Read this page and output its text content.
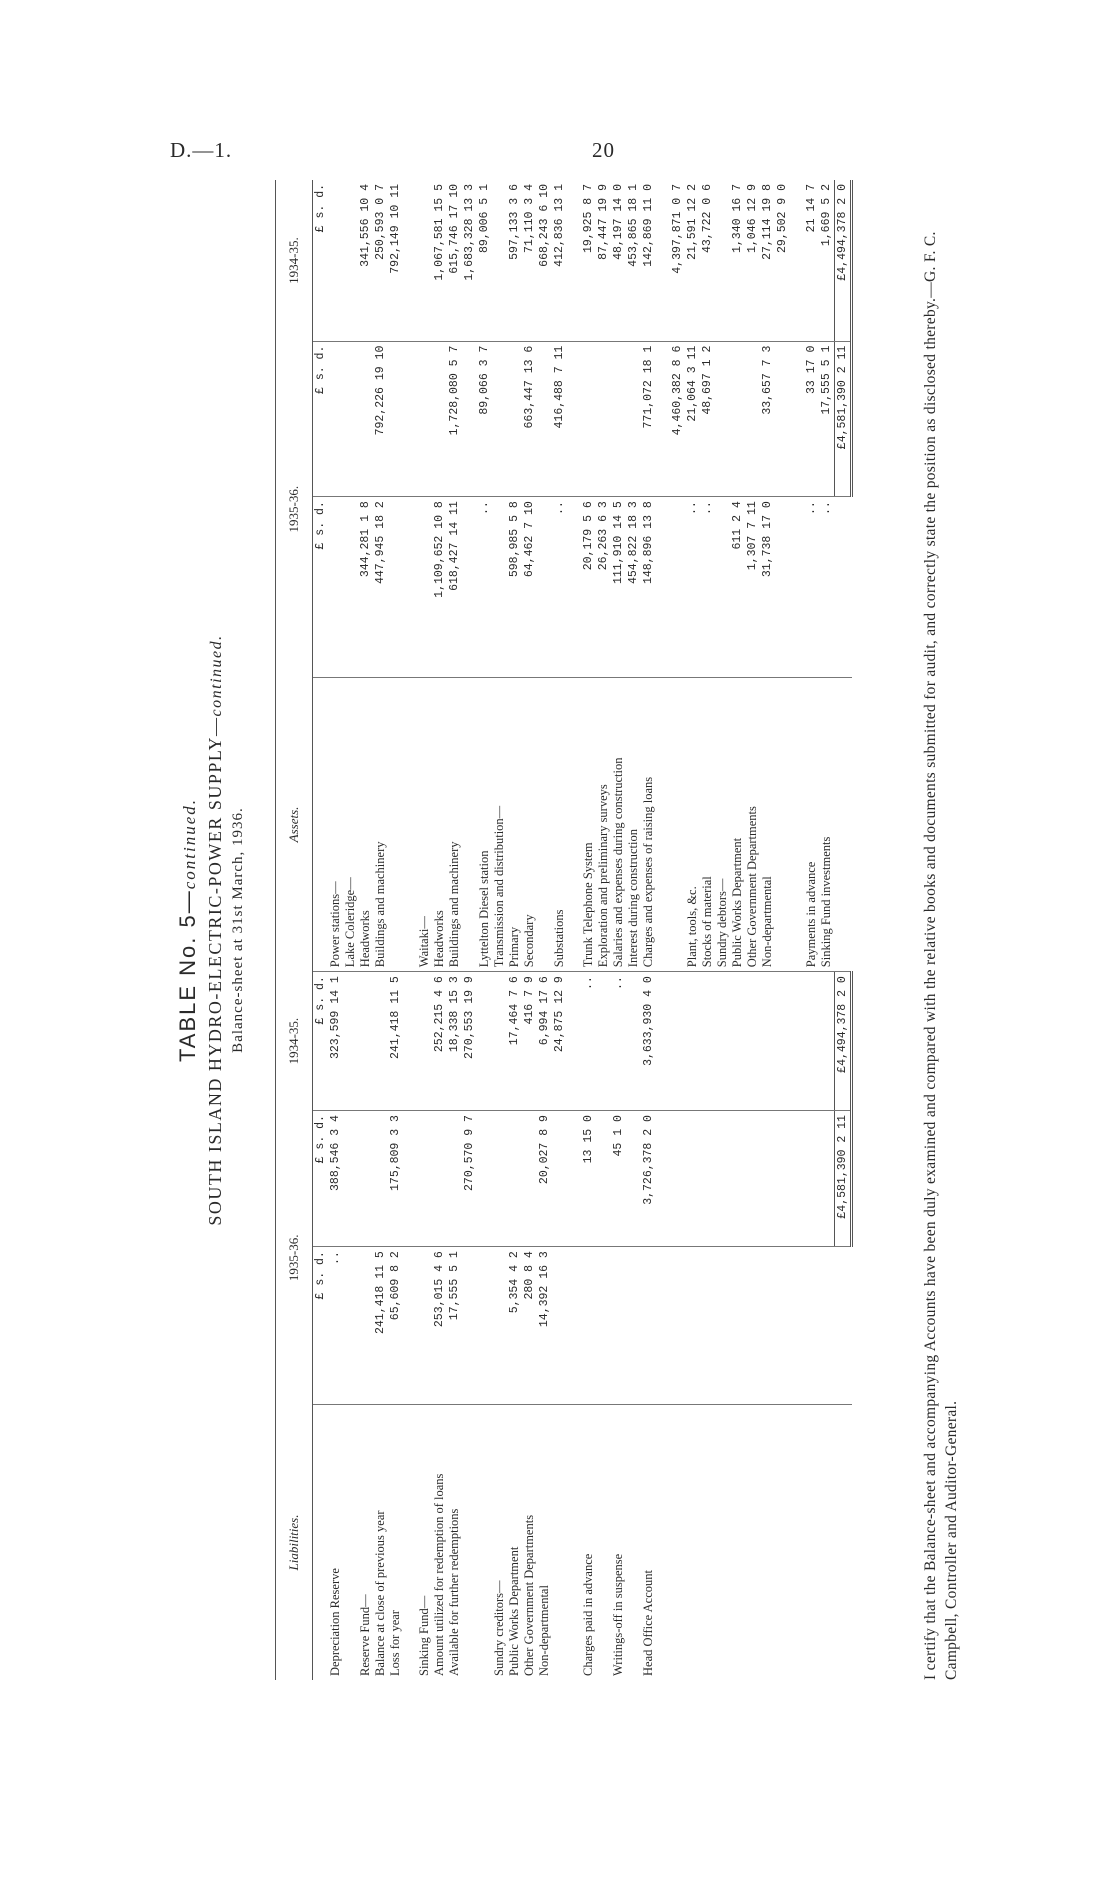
D.—1.	20
TABLE No. 5—continued. SOUTH ISLAND HYDRO-ELECTRIC-POWER SUPPLY—continued.
Balance-sheet at 31st March, 1936.
Liabilities.	1935-36.		1934-35.	Assets.	1935-36.		1934-35.
	£ s. d.	£ s. d.	£ s. d.		£ s. d.	£ s. d.	£ s. d.
Depreciation Reserve	..	388,546 3 4	323,599 14 1	Power stations—			
				Lake Coleridge—			
Reserve Fund—				Headworks	344,281 1 8		341,556 10 4
Balance at close of previous year	241,418 11 5			Buildings and machinery	447,945 18 2	792,226 19 10	250,593 0 7
Loss for year	65,609 8 2	175,809 3 3	241,418 11 5				792,149 10 11

Sinking Fund—				Waitaki—			
Amount utilized for redemption of loans	253,015 4 6		252,215 4 6	Headworks	1,109,652 10 8		1,067,581 15 5
Available for further redemptions	17,555 5 1		18,338 15 3	Buildings and machinery	618,427 14 11	1,728,080 5 7	615,746 17 10
		270,570 9 7	270,553 19 9				1,683,328 13 3
				Lyttelton Diesel station	..	89,066 3 7	89,006 5 1
Sundry creditors—				Transmission and distribution—			
Public Works Department	5,354 4 2		17,464 7 6	Primary	598,985 5 8		597,133 3 6
Other Government Departments	280 8 4		416 7 9	Secondary	64,462 7 10	663,447 13 6	71,110 3 4
Non-departmental	14,392 16 3	20,027 8 9	6,994 17 6				668,243 6 10
			24,875 12 9	Substations	..	416,488 7 11	412,836 13 1

Charges paid in advance		13 15 0	..	Trunk Telephone System	20,179 5 6		19,925 8 7
				Exploration and preliminary surveys	26,263 6 3		87,447 19 9
Writings-off in suspense		45 1 0	..	Salaries and expenses during construction	111,910 14 5		48,197 14 0
				Interest during construction	454,822 18 3		453,865 18 1
Head Office Account		3,726,378 2 0	3,633,930 4 0	Charges and expenses of raising loans	148,896 13 8	771,072 18 1	142,869 11 0

						4,460,382 8 6	4,397,871 0 7
				Plant, tools, &c.	..	21,064 3 11	21,591 12 2
				Stocks of material	..	48,697 1 2	43,722 0 6
				Sundry debtors—			
				Public Works Department	611 2 4		1,340 16 7
				Other Government Departments	1,307 7 11		1,046 12 9
				Non-departmental	31,738 17 0	33,657 7 3	27,114 19 8
							29,502 9 0

				Payments in advance	..	33 17 0	21 14 7
				Sinking Fund investments	..	17,555 5 1	1,669 5 2
		£4,581,390 2 11	£4,494,378 2 0			£4,581,390 2 11	£4,494,378 2 0	I certify that the Balance-sheet and accompanying Accounts have been duly examined and compared with the relative books and documents submitted for audit, and correctly state the position as disclosed thereby.—G. F. C. Campbell, Controller and Auditor-General.
